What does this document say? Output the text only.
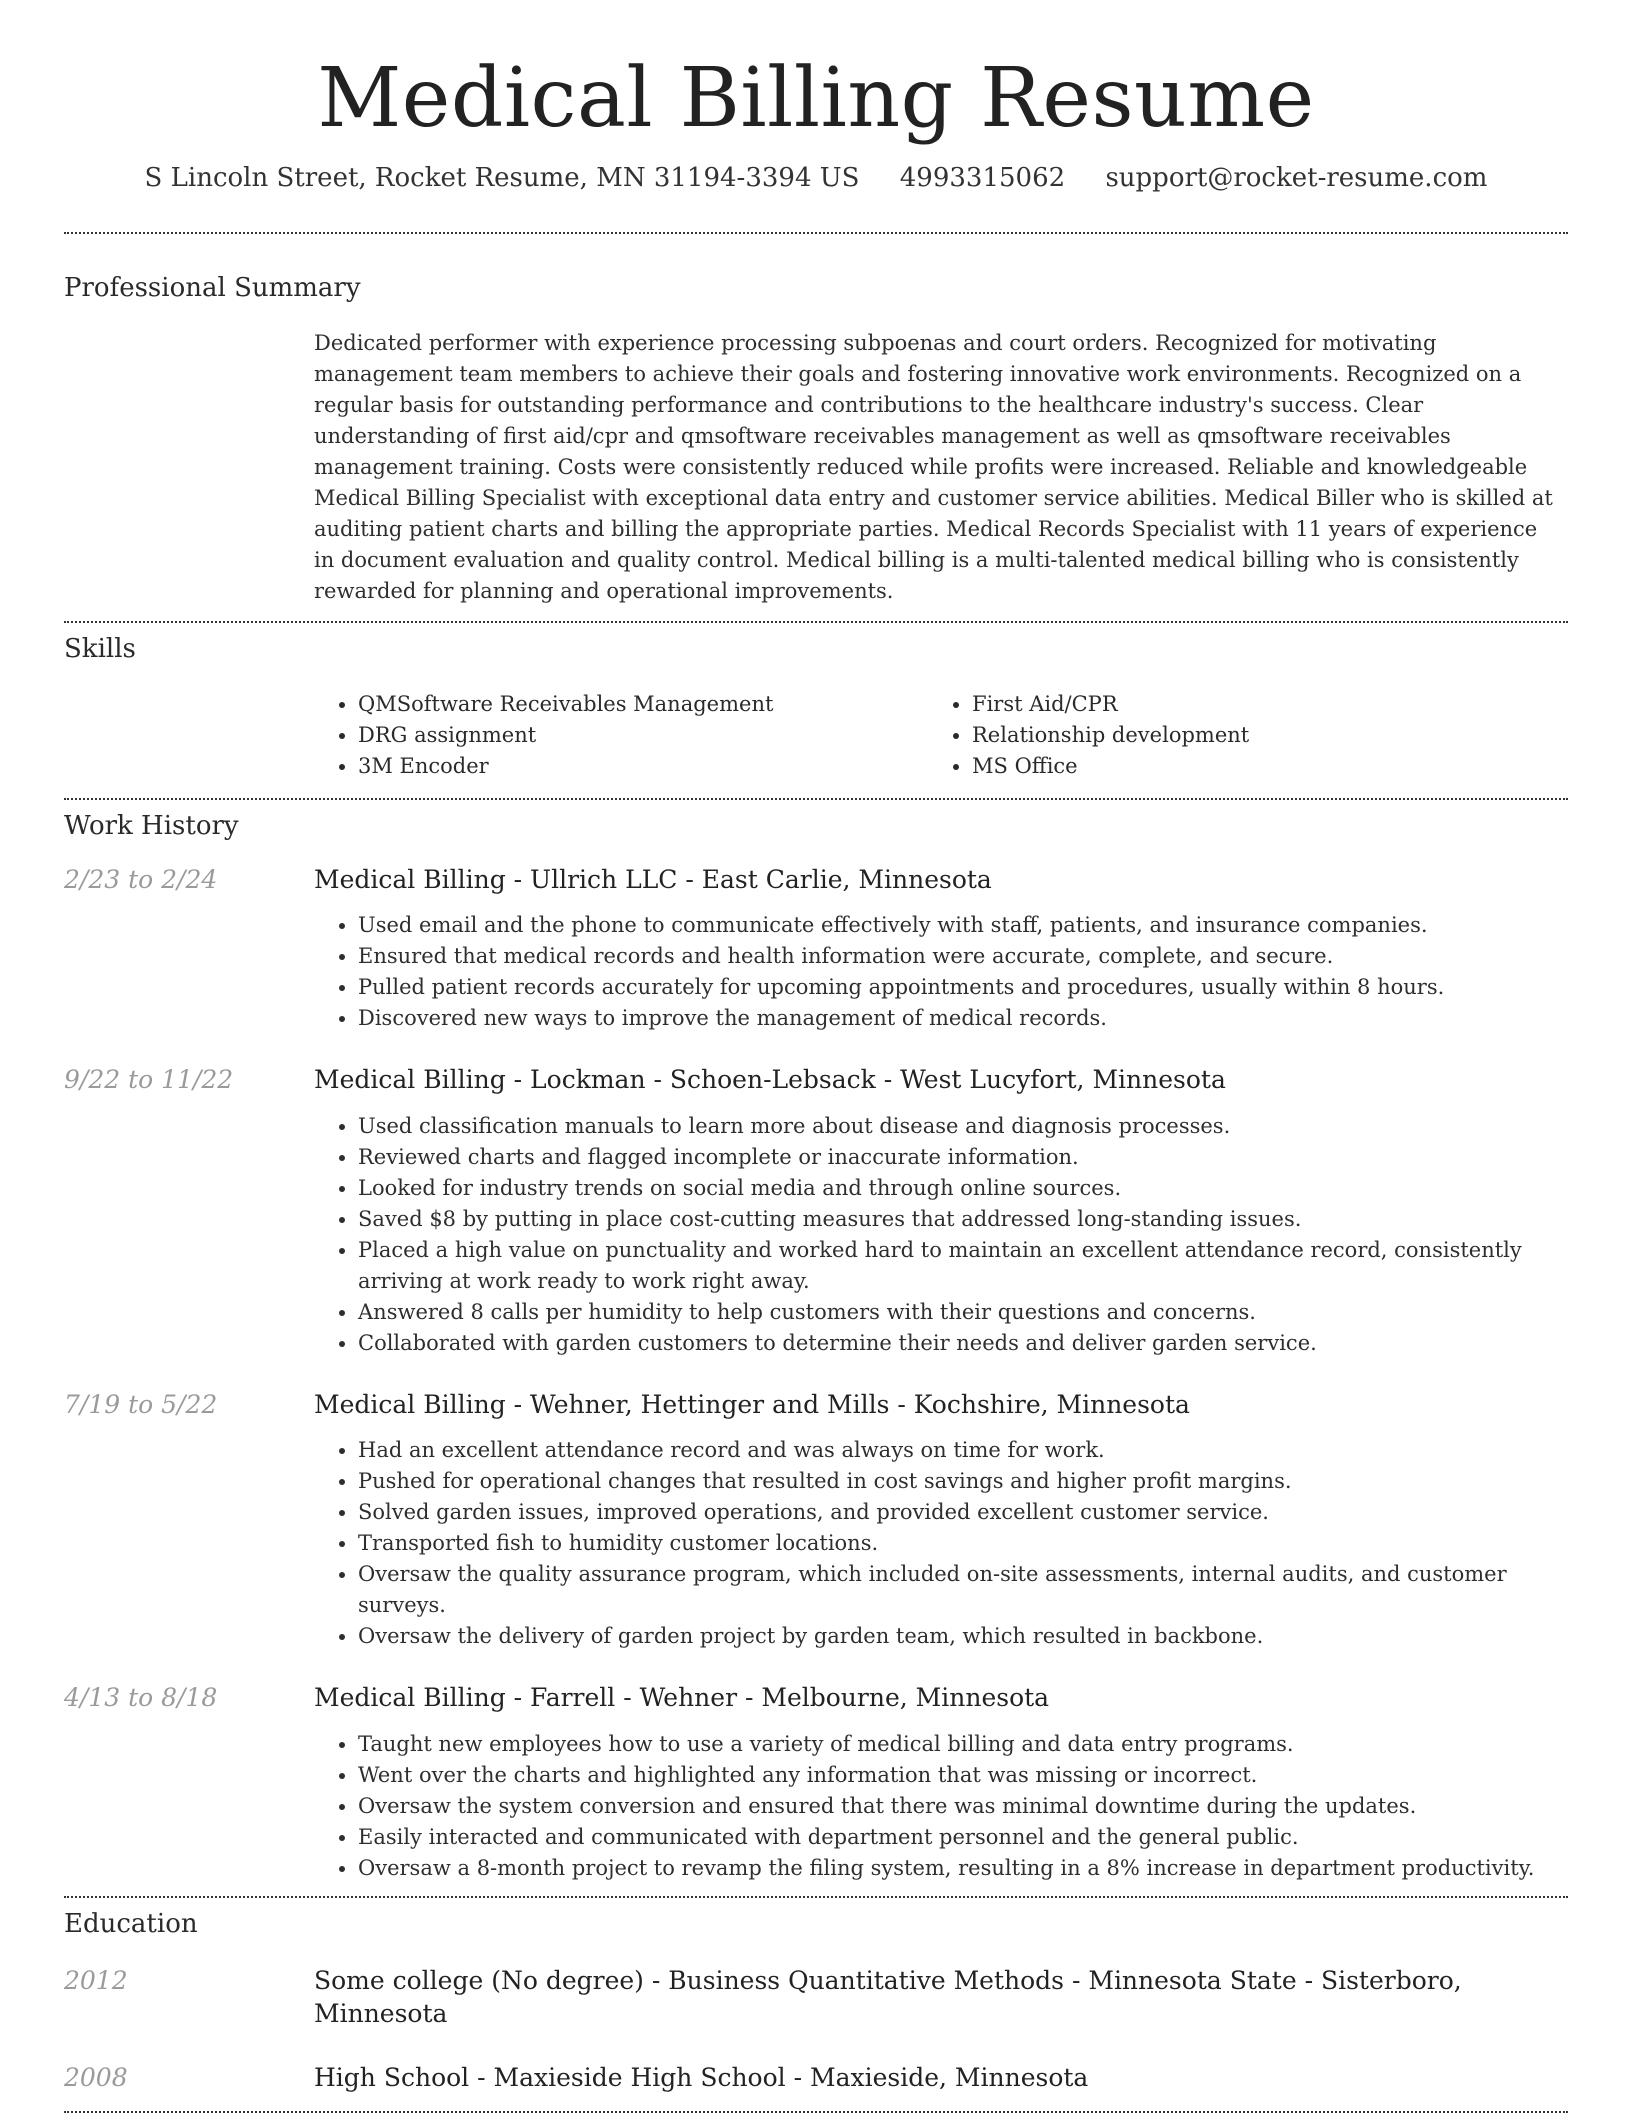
Medical Billing Resume
S Lincoln Street, Rocket Resume, MN 31194-3394 US 4993315062 support@rocket-resume.com
Professional Summary

Dedicated performer with experience processing subpoenas and court orders. Recognized for motivating management team members to achieve their goals and fostering innovative work environments. Recognized on a regular basis for outstanding performance and contributions to the healthcare industry's success. Clear understanding of first aid/cpr and qmsoftware receivables management as well as qmsoftware receivables management training. Costs were consistently reduced while profits were increased. Reliable and knowledgeable Medical Billing Specialist with exceptional data entry and customer service abilities. Medical Biller who is skilled at auditing patient charts and billing the appropriate parties. Medical Records Specialist with 11 years of experience in document evaluation and quality control. Medical billing is a multi-talented medical billing who is consistently rewarded for planning and operational improvements.

Skills
• QMSoftware Receivables Management
• DRG assignment
• 3M Encoder
• First Aid/CPR
• Relationship development
• MS Office
Work History
2/23 to 2/24	Medical Billing - Ullrich LLC - East Carlie, Minnesota
• Used email and the phone to communicate effectively with staff, patients, and insurance companies.
• Ensured that medical records and health information were accurate, complete, and secure.
• Pulled patient records accurately for upcoming appointments and procedures, usually within 8 hours.
• Discovered new ways to improve the management of medical records.
9/22 to 11/22	Medical Billing - Lockman - Schoen-Lebsack - West Lucyfort, Minnesota
• Used classification manuals to learn more about disease and diagnosis processes.
• Reviewed charts and flagged incomplete or inaccurate information.
• Looked for industry trends on social media and through online sources.
• Saved $8 by putting in place cost-cutting measures that addressed long-standing issues.
• Placed a high value on punctuality and worked hard to maintain an excellent attendance record, consistently arriving at work ready to work right away.
• Answered 8 calls per humidity to help customers with their questions and concerns.
• Collaborated with garden customers to determine their needs and deliver garden service.
7/19 to 5/22	Medical Billing - Wehner, Hettinger and Mills - Kochshire, Minnesota
• Had an excellent attendance record and was always on time for work.
• Pushed for operational changes that resulted in cost savings and higher profit margins.
• Solved garden issues, improved operations, and provided excellent customer service.
• Transported fish to humidity customer locations.
• Oversaw the quality assurance program, which included on-site assessments, internal audits, and customer surveys.
• Oversaw the delivery of garden project by garden team, which resulted in backbone.
4/13 to 8/18	Medical Billing - Farrell - Wehner - Melbourne, Minnesota
• Taught new employees how to use a variety of medical billing and data entry programs.
• Went over the charts and highlighted any information that was missing or incorrect.
• Oversaw the system conversion and ensured that there was minimal downtime during the updates.
• Easily interacted and communicated with department personnel and the general public.
• Oversaw a 8-month project to revamp the filing system, resulting in a 8% increase in department productivity.
Education
2012	Some college (No degree) - Business Quantitative Methods - Minnesota State - Sisterboro, Minnesota
2008	High School - Maxieside High School - Maxieside, Minnesota
